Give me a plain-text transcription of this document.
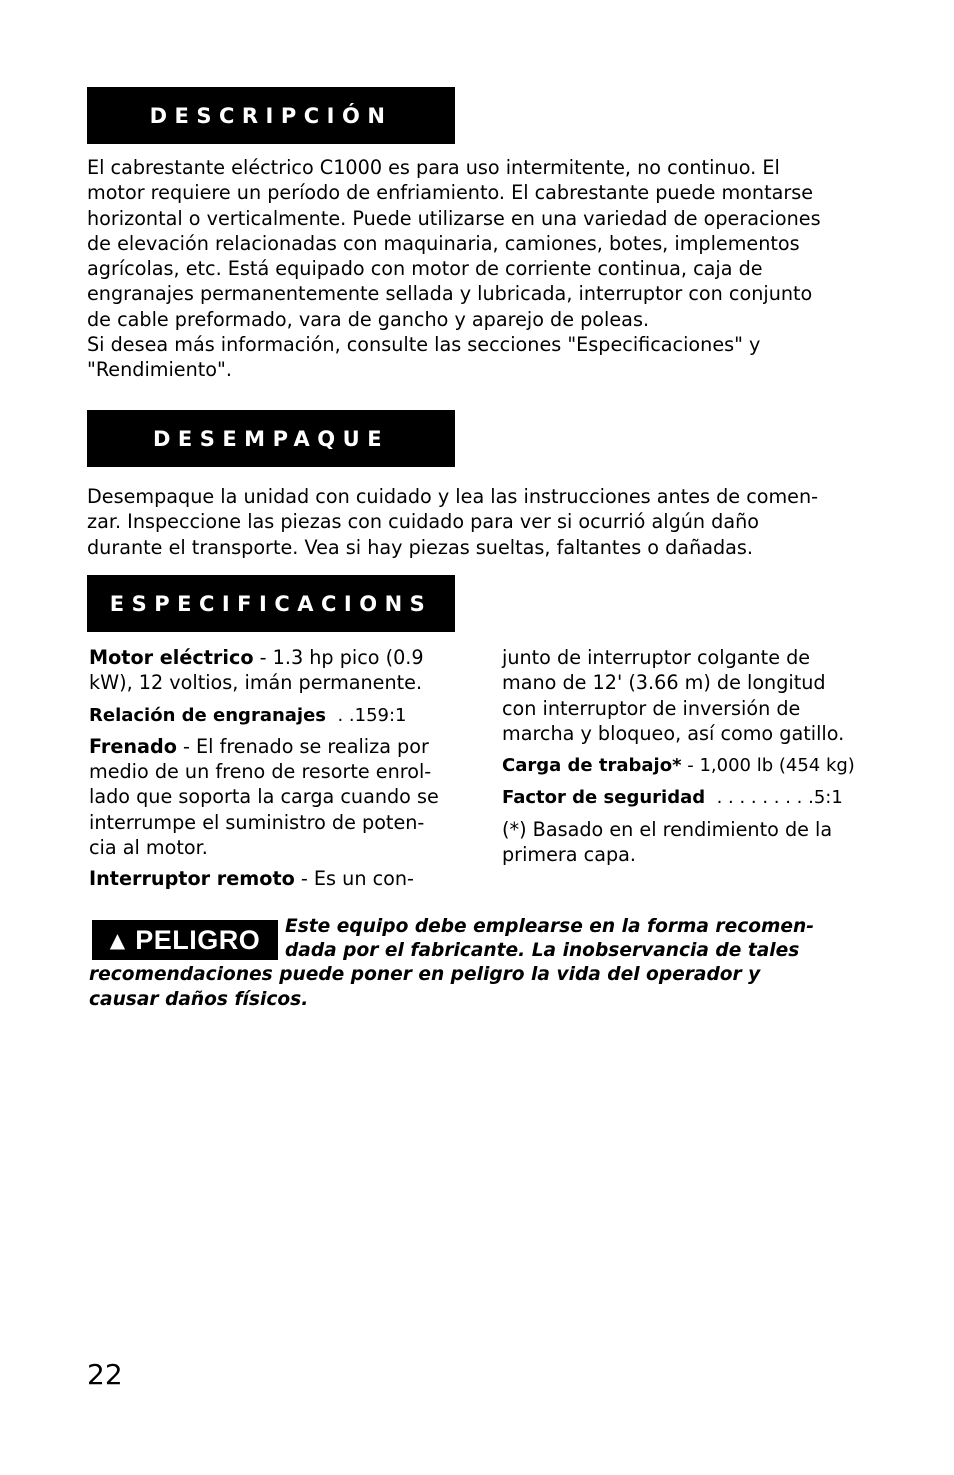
DESCRIPCIÓN

El cabrestante eléctrico C1000 es para uso intermitente, no continuo. El

motor requiere un período de enfriamiento. El cabrestante puede montarse

horizontal o verticalmente. Puede utilizarse en una variedad de operaciones

de elevación relacionadas con maquinaria, camiones, botes, implementos

agrícolas, etc. Está equipado con motor de corriente continua, caja de

engranajes permanentemente sellada y lubricada, interruptor con conjunto

de cable preformado, vara de gancho y aparejo de poleas.

Si desea más información, consulte las secciones "Especificaciones" y

"Rendimiento".

DESEMPAQUE

Desempaque la unidad con cuidado y lea las instrucciones antes de comen-

zar. Inspeccione las piezas con cuidado para ver si ocurrió algún daño

durante el transporte. Vea si hay piezas sueltas, faltantes o dañadas.

ESPECIFICACIONS

Motor eléctrico - 1.3 hp pico (0.9
kW), 12 voltios, imán permanente.

Relación de engranajes  . .159:1

Frenado - El frenado se realiza por
medio de un freno de resorte enrol-
lado que soporta la carga cuando se
interrumpe el suministro de poten-
cia al motor.

Interruptor remoto - Es un con-

junto de interruptor colgante de
mano de 12' (3.66 m) de longitud
con interruptor de inversión de
marcha y bloqueo, así como gatillo.

Carga de trabajo* - 1,000 lb (454 kg)

Factor de seguridad  . . . . . . . . .5:1

(*) Basado en el rendimiento de la
primera capa.

▲ PELIGRO	Este equipo debe emplearse en la forma recomen-
dada por el fabricante. La inobservancia de tales
recomendaciones puede poner en peligro la vida del operador y
causar daños físicos.
22
